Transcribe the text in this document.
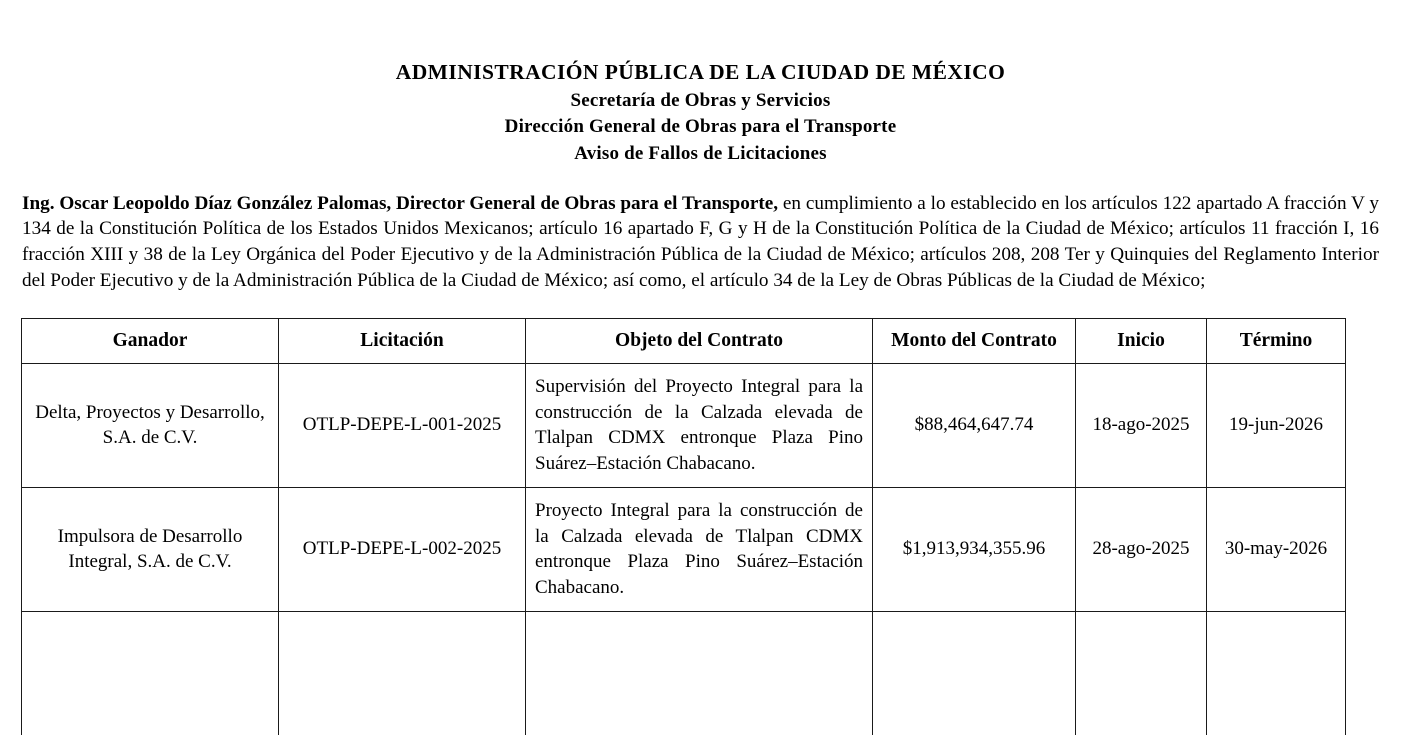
ADMINISTRACIÓN PÚBLICA DE LA CIUDAD DE MÉXICO
Secretaría de Obras y Servicios
Dirección General de Obras para el Transporte
Aviso de Fallos de Licitaciones

Ing. Oscar Leopoldo Díaz González Palomas, Director General de Obras para el Transporte, en cumplimiento a lo establecido en los artículos 122 apartado A fracción V y 134 de la Constitución Política de los Estados Unidos Mexicanos; artículo 16 apartado F, G y H de la Constitución Política de la Ciudad de México; artículos 11 fracción I, 16 fracción XIII y 38 de la Ley Orgánica del Poder Ejecutivo y de la Administración Pública de la Ciudad de México; artículos 208, 208 Ter y Quinquies del Reglamento Interior del Poder Ejecutivo y de la Administración Pública de la Ciudad de México; así como, el artículo 34 de la Ley de Obras Públicas de la Ciudad de México;

Ganador	Licitación	Objeto del Contrato	Monto del Contrato	Inicio	Término
Delta, Proyectos y Desarrollo, S.A. de C.V.	OTLP-DEPE-L-001-2025	Supervisión del Proyecto Integral para la construcción de la Calzada elevada de Tlalpan CDMX entronque Plaza Pino Suárez–Estación Chabacano.	$88,464,647.74	18-ago-2025	19-jun-2026
Impulsora de Desarrollo Integral, S.A. de C.V.	OTLP-DEPE-L-002-2025	Proyecto Integral para la construcción de la Calzada elevada de Tlalpan CDMX entronque Plaza Pino Suárez–Estación Chabacano.	$1,913,934,355.96	28-ago-2025	30-may-2026
